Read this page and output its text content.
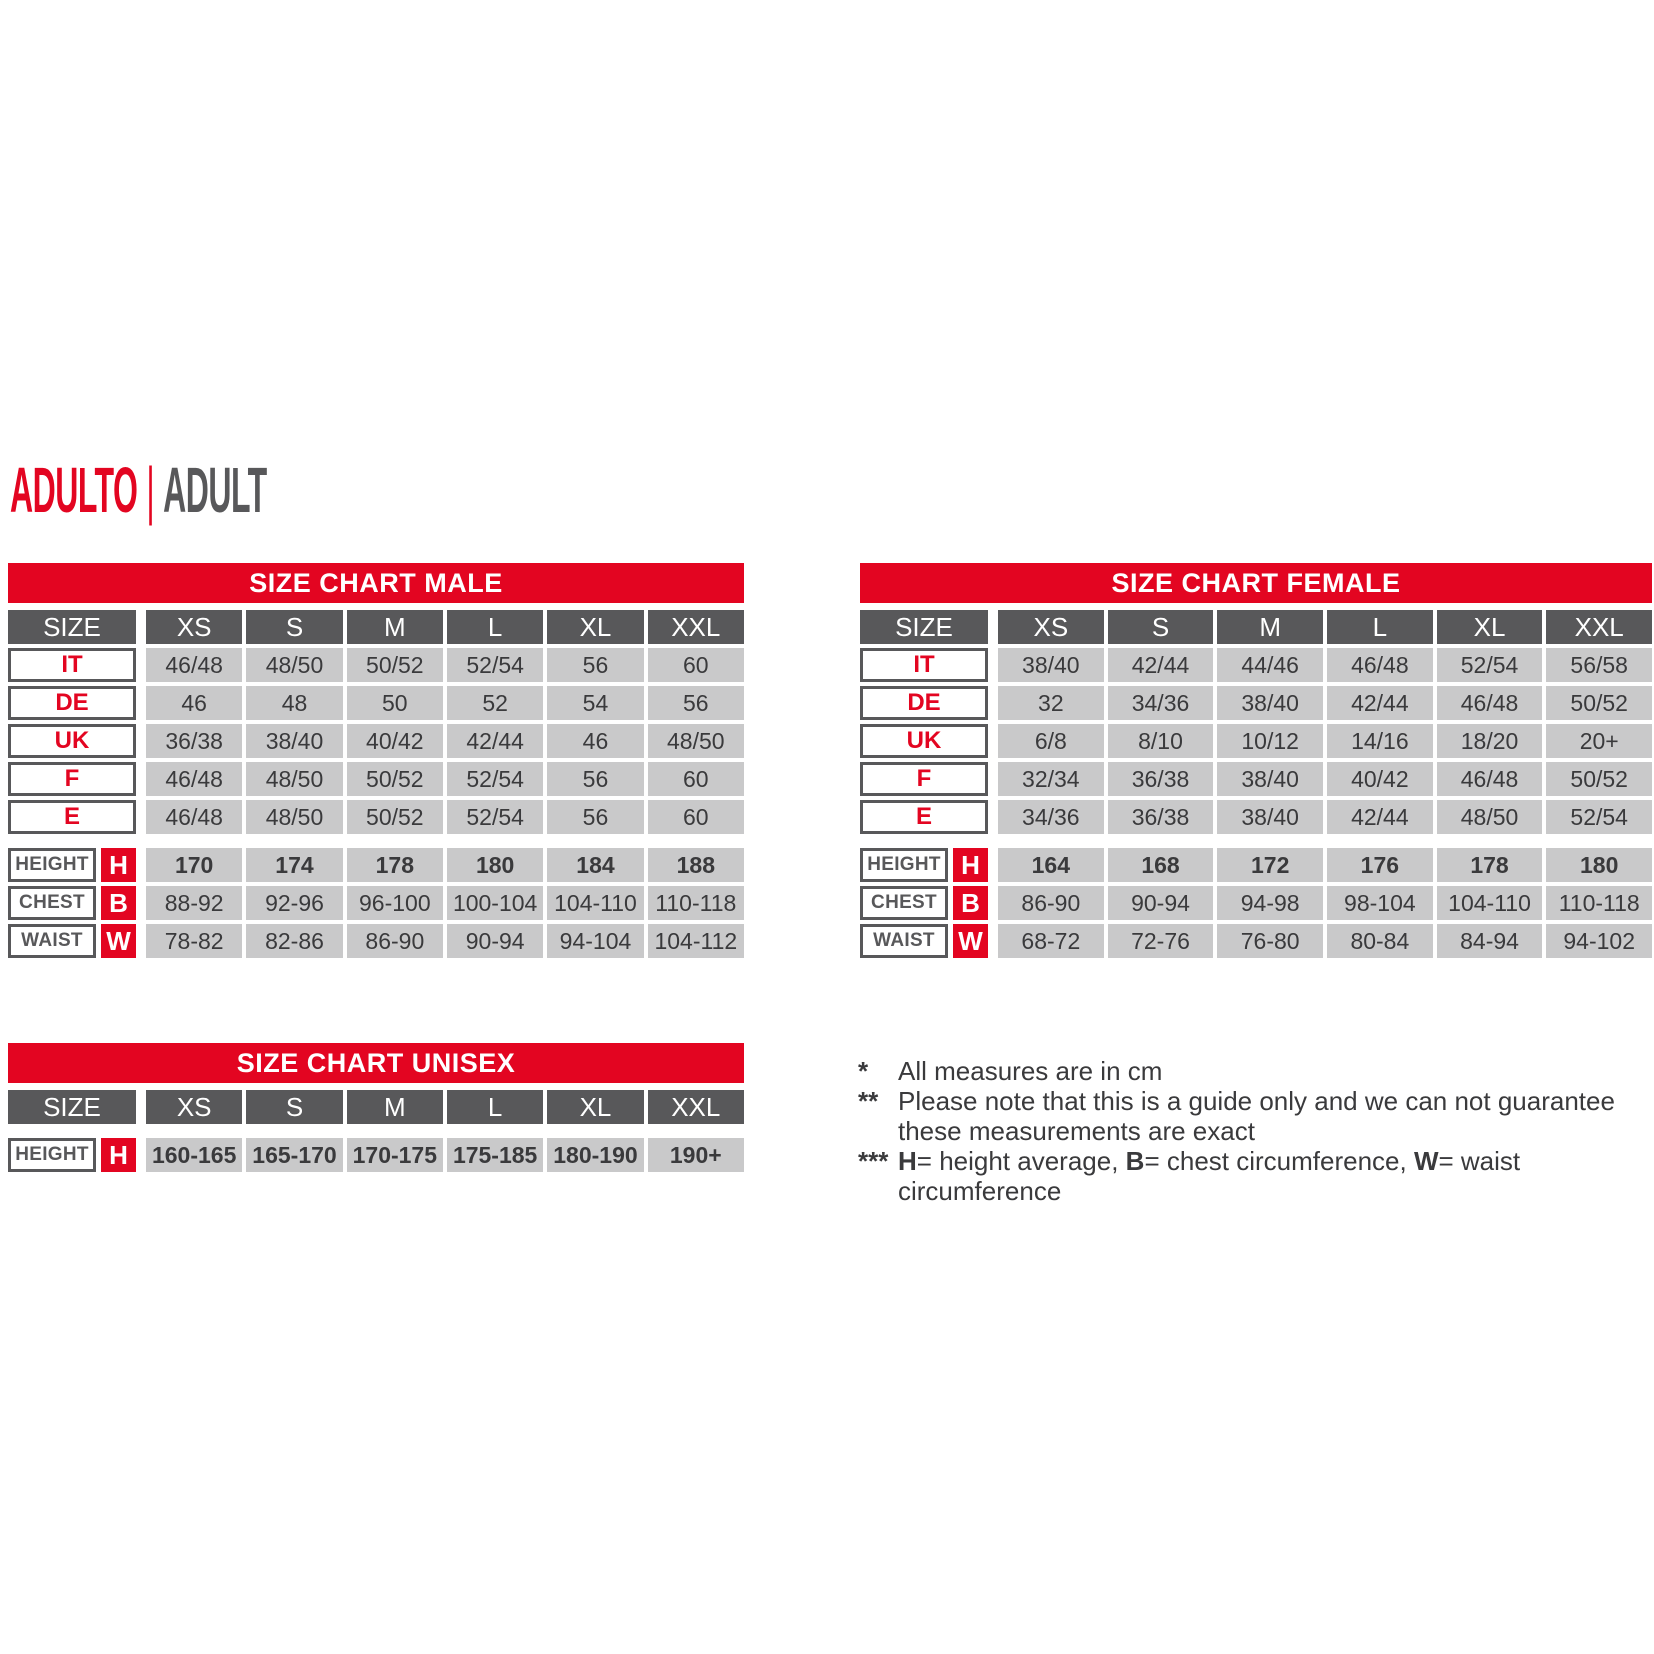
ADULTO | ADULT
SIZE CHART MALE
SIZE	XS	S	M	L	XL	XXL
IT	46/48	48/50	50/52	52/54	56	60
DE	46	48	50	52	54	56
UK	36/38	38/40	40/42	42/44	46	48/50
F	46/48	48/50	50/52	52/54	56	60
E	46/48	48/50	50/52	52/54	56	60
HEIGHT H	170	174	178	180	184	188
CHEST B	88-92	92-96	96-100 100-104 104-110 110-118
WAIST W	78-82	82-86	86-90	90-94	94-104	104-112
SIZE CHART FEMALE
SIZE	XS	S	M	L	XL	XXL
IT	38/40	42/44	44/46	46/48	52/54	56/58
DE	32	34/36	38/40	42/44	46/48	50/52
UK	6/8	8/10	10/12	14/16	18/20	20+
F	32/34	36/38	38/40	40/42	46/48	50/52
E	34/36	36/38	38/40	42/44	48/50	52/54
HEIGHT H	164	168	172	176	178	180
CHEST B	86-90	90-94	94-98	98-104	104-110	110-118
WAIST W	68-72	72-76	76-80	80-84	84-94	94-102
SIZE CHART UNISEX
SIZE	XS	S	M	L	XL	XXL
HEIGHT H	160-165 165-170 170-175 175-185 180-190	190+
*	All measures are in cm
** Please note that this is a guide only and we can not guarantee
these measurements are exact
*** H= height average, B= chest circumference, W= waist circumference
